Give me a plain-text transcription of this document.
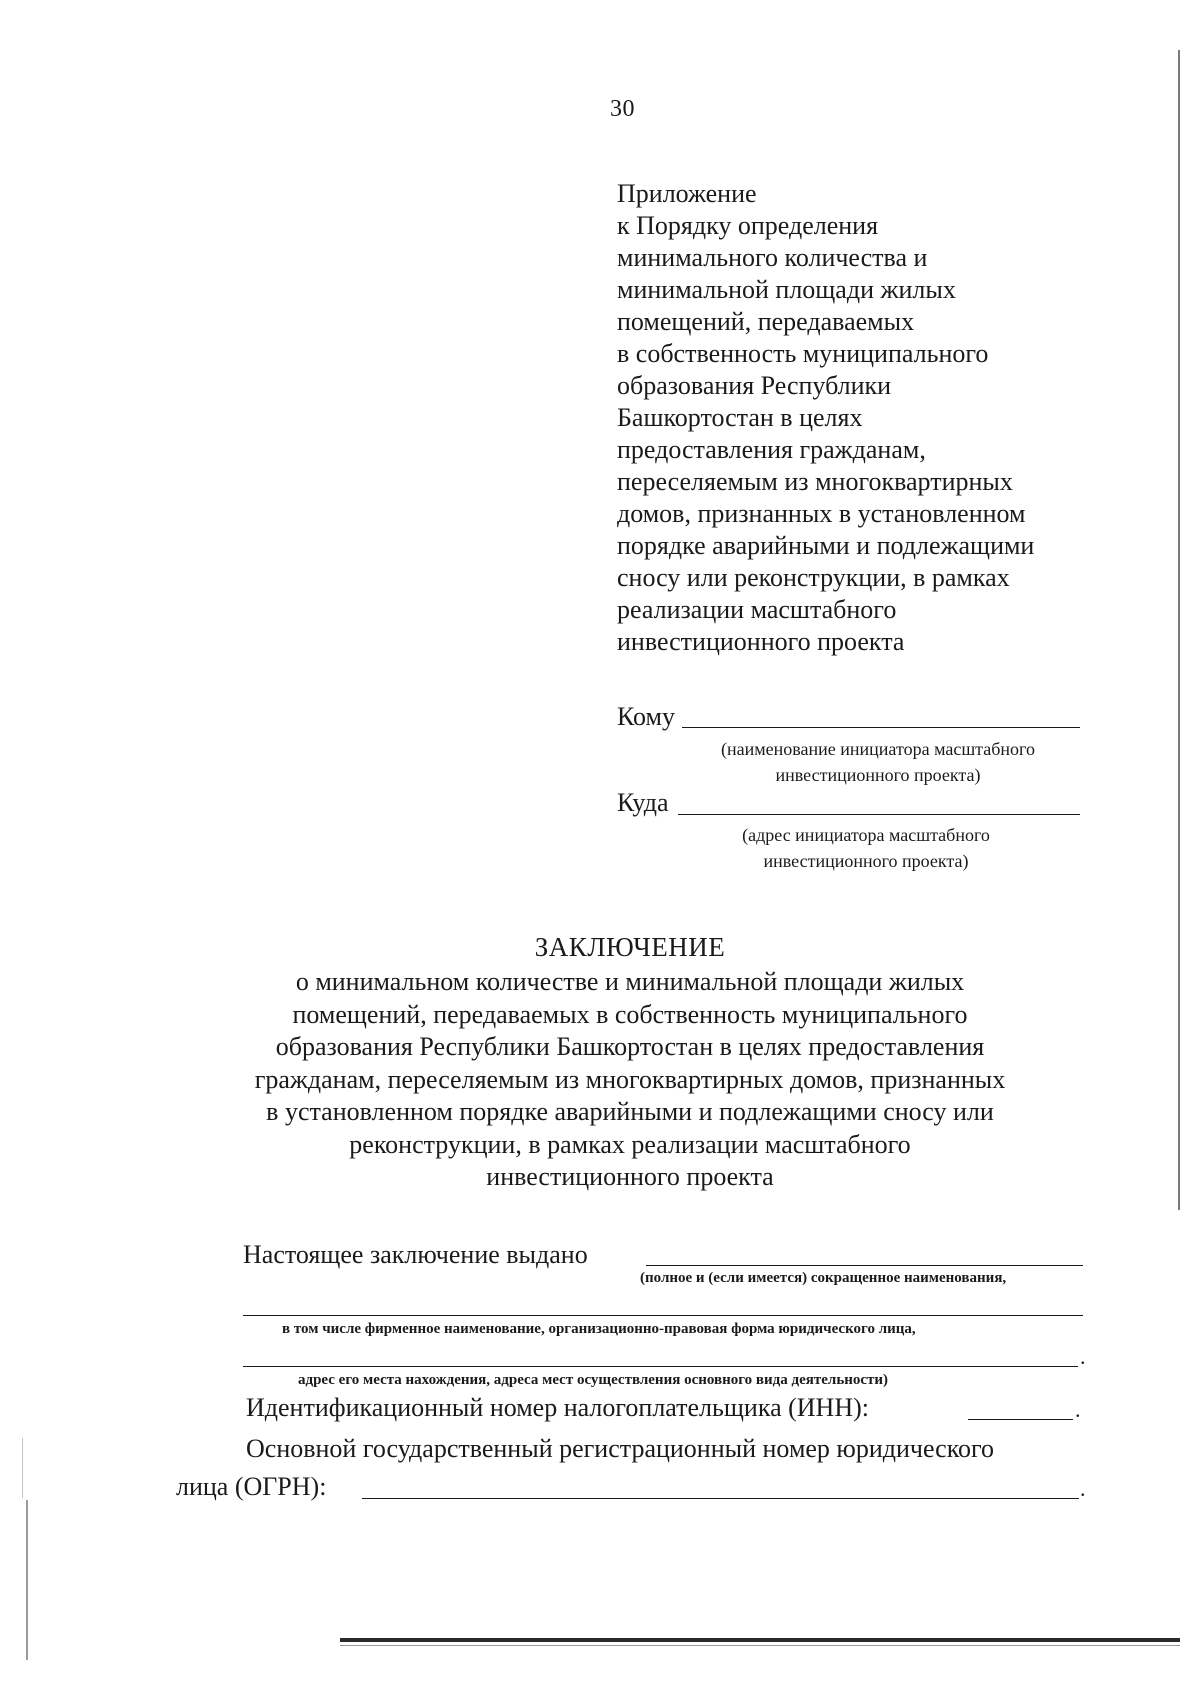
30
Приложение
к Порядку определения
минимального количества и
минимальной площади жилых
помещений, передаваемых
в собственность муниципального
образования Республики
Башкортостан в целях
предоставления гражданам,
переселяемым из многоквартирных
домов, признанных в установленном
порядке аварийными и подлежащими
сносу или реконструкции, в рамках
реализации масштабного
инвестиционного проекта
Кому
(наименование инициатора масштабного
инвестиционного проекта)
Куда
(адрес инициатора масштабного
инвестиционного проекта)
ЗАКЛЮЧЕНИЕ
о минимальном количестве и минимальной площади жилых
помещений, передаваемых в собственность муниципального
образования Республики Башкортостан в целях предоставления
гражданам, переселяемым из многоквартирных домов, признанных
в установленном порядке аварийными и подлежащими сносу или
реконструкции, в рамках реализации масштабного
инвестиционного проекта
Настоящее заключение выдано
(полное и (если имеется) сокращенное наименования,
в том числе фирменное наименование, организационно-правовая форма юридического лица,
.
адрес его места нахождения, адреса мест осуществления основного вида деятельности)
Идентификационный номер налогоплательщика (ИНН):	.
Основной государственный регистрационный номер юридического
лица (ОГРН):	.
